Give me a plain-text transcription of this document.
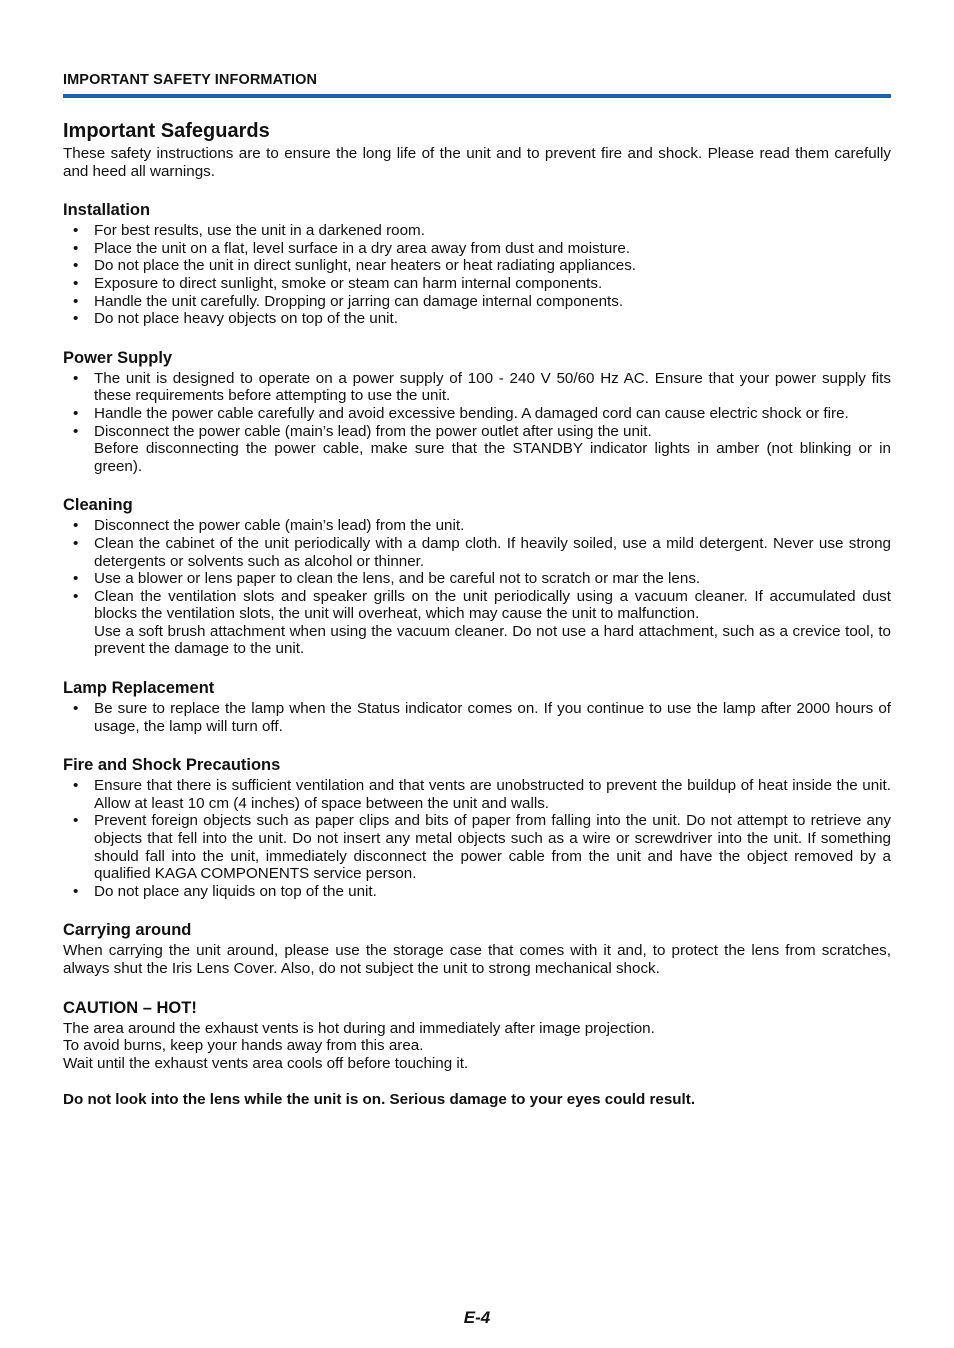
IMPORTANT SAFETY INFORMATION
Important Safeguards

These safety instructions are to ensure the long life of the unit and to prevent fire and shock. Please read them carefully and heed all warnings.

Installation
• For best results, use the unit in a darkened room.
• Place the unit on a flat, level surface in a dry area away from dust and moisture.
• Do not place the unit in direct sunlight, near heaters or heat radiating appliances.
• Exposure to direct sunlight, smoke or steam can harm internal components.
• Handle the unit carefully. Dropping or jarring can damage internal components.
• Do not place heavy objects on top of the unit.
Power Supply
• The unit is designed to operate on a power supply of 100 - 240 V 50/60 Hz AC. Ensure that your power supply fits these requirements before attempting to use the unit.
• Handle the power cable carefully and avoid excessive bending. A damaged cord can cause electric shock or fire.
• Disconnect the power cable (main’s lead) from the power outlet after using the unit.
Before disconnecting the power cable, make sure that the STANDBY indicator lights in amber (not blinking or in green).
Cleaning
• Disconnect the power cable (main’s lead) from the unit.
• Clean the cabinet of the unit periodically with a damp cloth. If heavily soiled, use a mild detergent. Never use strong detergents or solvents such as alcohol or thinner.
• Use a blower or lens paper to clean the lens, and be careful not to scratch or mar the lens.
• Clean the ventilation slots and speaker grills on the unit periodically using a vacuum cleaner. If accumulated dust blocks the ventilation slots, the unit will overheat, which may cause the unit to malfunction.
Use a soft brush attachment when using the vacuum cleaner. Do not use a hard attachment, such as a crevice tool, to prevent the damage to the unit.
Lamp Replacement
• Be sure to replace the lamp when the Status indicator comes on. If you continue to use the lamp after 2000 hours of usage, the lamp will turn off.
Fire and Shock Precautions
• Ensure that there is sufficient ventilation and that vents are unobstructed to prevent the buildup of heat inside the unit. Allow at least 10 cm (4 inches) of space between the unit and walls.
• Prevent foreign objects such as paper clips and bits of paper from falling into the unit. Do not attempt to retrieve any objects that fell into the unit. Do not insert any metal objects such as a wire or screwdriver into the unit. If something should fall into the unit, immediately disconnect the power cable from the unit and have the object removed by a qualified KAGA COMPONENTS service person.
• Do not place any liquids on top of the unit.
Carrying around

When carrying the unit around, please use the storage case that comes with it and, to protect the lens from scratches, always shut the Iris Lens Cover. Also, do not subject the unit to strong mechanical shock.

CAUTION – HOT!

The area around the exhaust vents is hot during and immediately after image projection.

To avoid burns, keep your hands away from this area.

Wait until the exhaust vents area cools off before touching it.

Do not look into the lens while the unit is on. Serious damage to your eyes could result.

E-4
